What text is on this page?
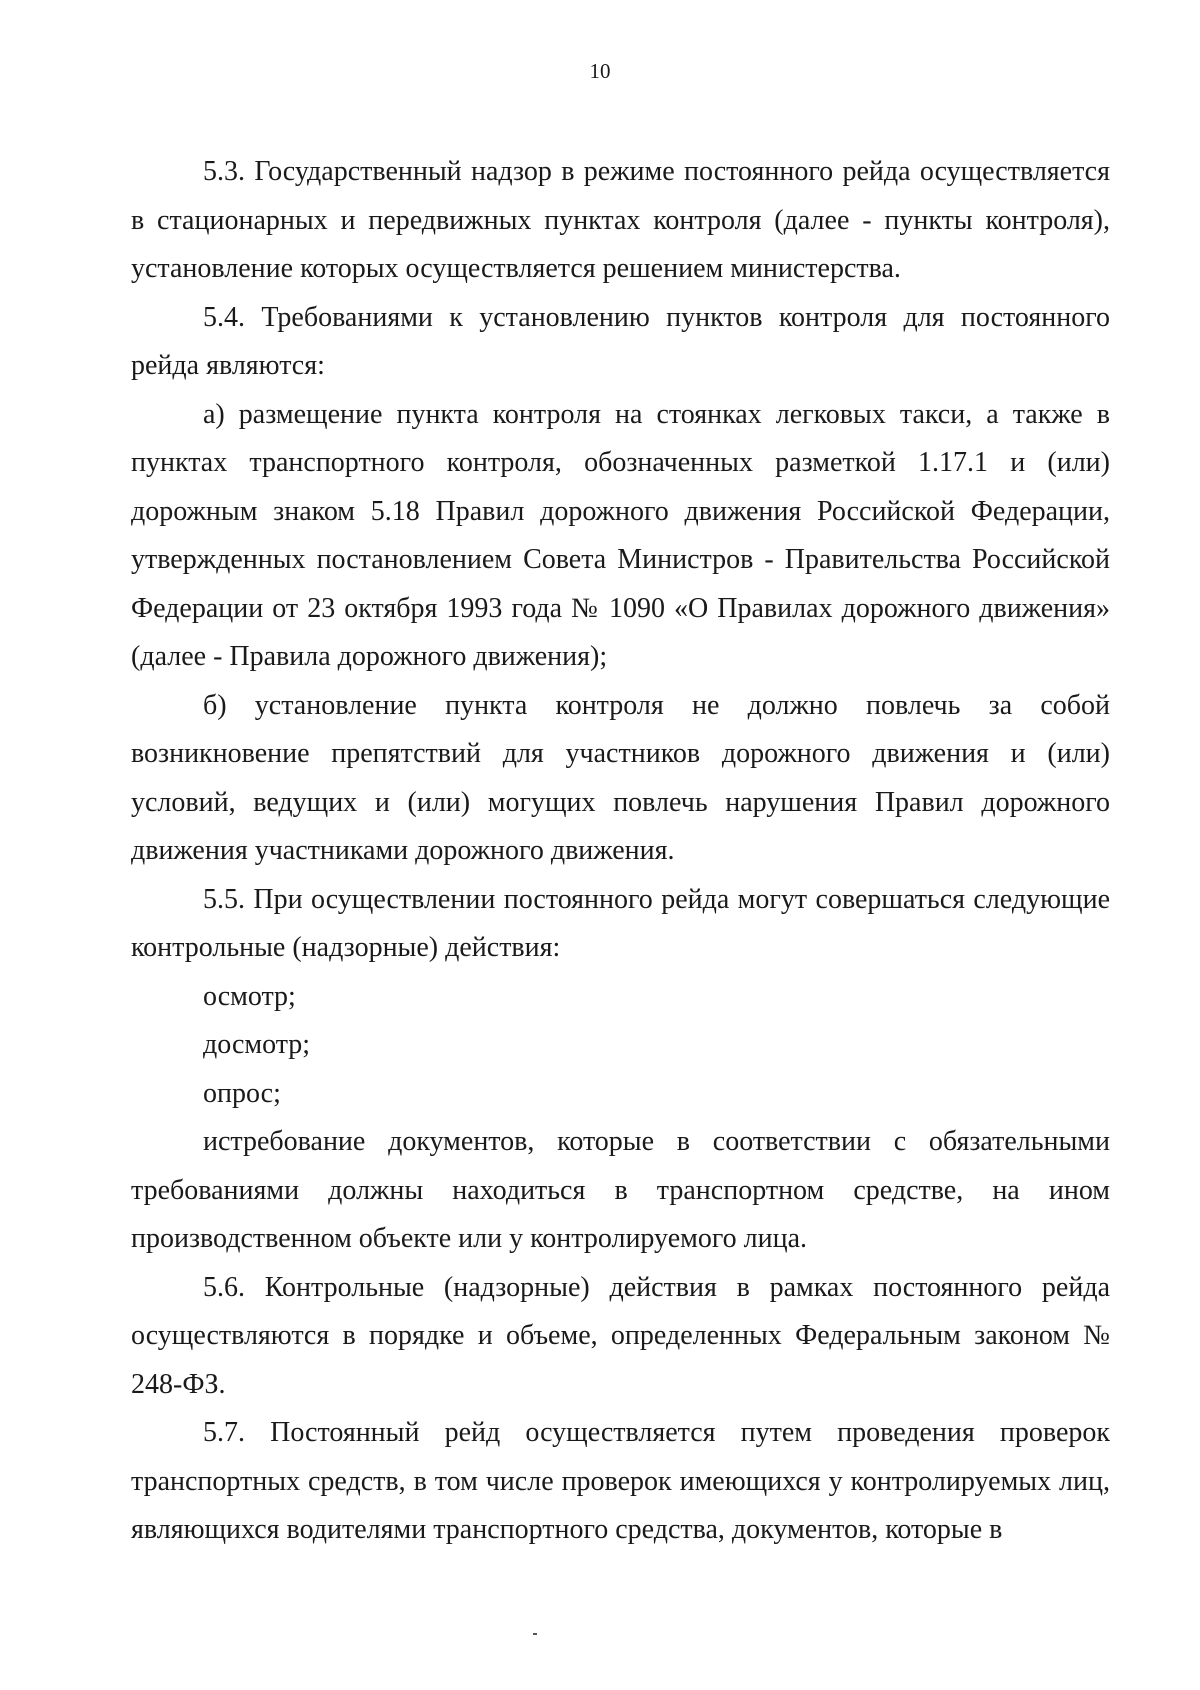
10

5.3. Государственный надзор в режиме постоянного рейда осуществляется в стационарных и передвижных пунктах контроля (далее - пункты контроля), установление которых осуществляется решением министерства.

5.4. Требованиями к установлению пунктов контроля для постоянного рейда являются:

а) размещение пункта контроля на стоянках легковых такси, а также в пунктах транспортного контроля, обозначенных разметкой 1.17.1 и (или) дорожным знаком 5.18 Правил дорожного движения Российской Федерации, утвержденных постановлением Совета Министров - Правительства Российской Федерации от 23 октября 1993 года № 1090 «О Правилах дорожного движения» (далее - Правила дорожного движения);

б) установление пункта контроля не должно повлечь за собой возникновение препятствий для участников дорожного движения и (или) условий, ведущих и (или) могущих повлечь нарушения Правил дорожного движения участниками дорожного движения.

5.5. При осуществлении постоянного рейда могут совершаться следующие контрольные (надзорные) действия:

осмотр;

досмотр;

опрос;

истребование документов, которые в соответствии с обязательными требованиями должны находиться в транспортном средстве, на ином производственном объекте или у контролируемого лица.

5.6. Контрольные (надзорные) действия в рамках постоянного рейда осуществляются в порядке и объеме, определенных Федеральным законом № 248-ФЗ.

5.7. Постоянный рейд осуществляется путем проведения проверок транспортных средств, в том числе проверок имеющихся у контролируемых лиц, являющихся водителями транспортного средства, документов, которые в
